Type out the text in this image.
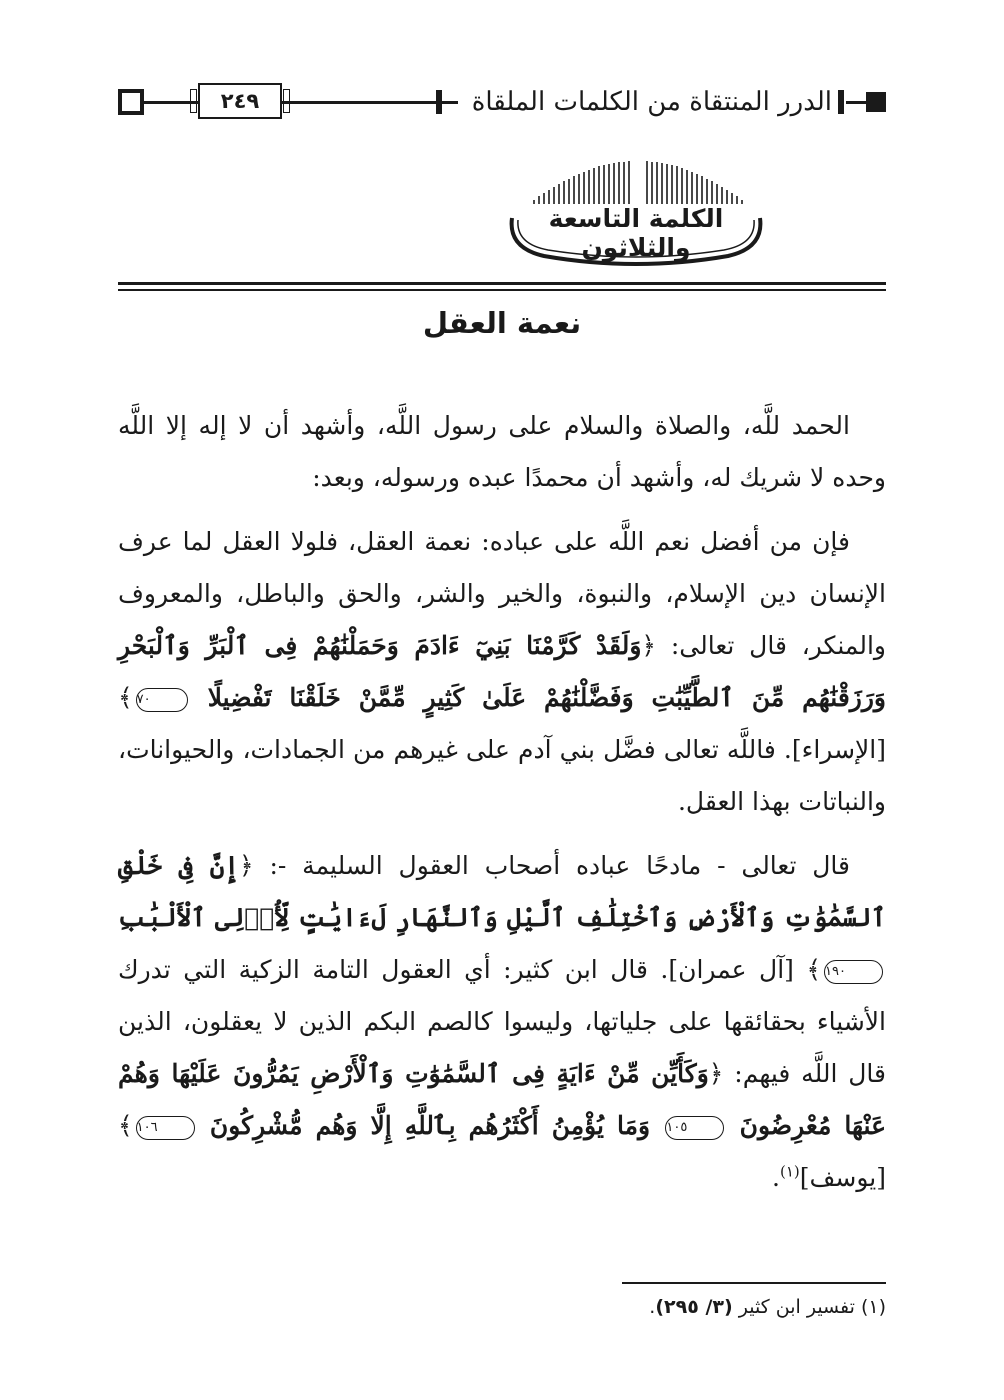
٢٤٩	الدرر المنتقاة من الكلمات الملقاة
الكلمة التاسعة والثلاثون
نعمة العقل

الحمد للَّه، والصلاة والسلام على رسول اللَّه، وأشهد أن لا إله إلا اللَّه وحده لا شريك له، وأشهد أن محمدًا عبده ورسوله، وبعد:

فإن من أفضل نعم اللَّه على عباده: نعمة العقل، فلولا العقل لما عرف الإنسان دين الإسلام، والنبوة، والخير والشر، والحق والباطل، والمعروف والمنكر، قال تعالى: ﴿وَلَقَدْ كَرَّمْنَا بَنِيٓ ءَادَمَ وَحَمَلْنَٰهُمْ فِى ٱلْبَرِّ وَٱلْبَحْرِ وَرَزَقْنَٰهُم مِّنَ ٱلطَّيِّبَٰتِ وَفَضَّلْنَٰهُمْ عَلَىٰ كَثِيرٍ مِّمَّنْ خَلَقْنَا تَفْضِيلًا ٧٠﴾ [الإسراء]. فاللَّه تعالى فضَّل بني آدم على غيرهم من الجمادات، والحيوانات، والنباتات بهذا العقل.

قال تعالى - مادحًا عباده أصحاب العقول السليمة -: ﴿إِنَّ فِى خَلْقِ ٱلسَّمَٰوَٰتِ وَٱلْأَرْضِ وَٱخْتِلَٰفِ ٱلَّيْلِ وَٱلنَّهَارِ لَءَايَٰتٍ لِّأُو۟لِى ٱلْأَلْبَٰبِ ١٩٠﴾ [آل عمران]. قال ابن كثير: أي العقول التامة الزكية التي تدرك الأشياء بحقائقها على جلياتها، وليسوا كالصم البكم الذين لا يعقلون، الذين قال اللَّه فيهم: ﴿وَكَأَيِّن مِّنْ ءَايَةٍ فِى ٱلسَّمَٰوَٰتِ وَٱلْأَرْضِ يَمُرُّونَ عَلَيْهَا وَهُمْ عَنْهَا مُعْرِضُونَ ١٠٥ وَمَا يُؤْمِنُ أَكْثَرُهُم بِٱللَّهِ إِلَّا وَهُم مُّشْرِكُونَ ١٠٦﴾ [يوسف]$^{(١)}$.

(١) تفسير ابن كثير (٣/ ٢٩٥).
